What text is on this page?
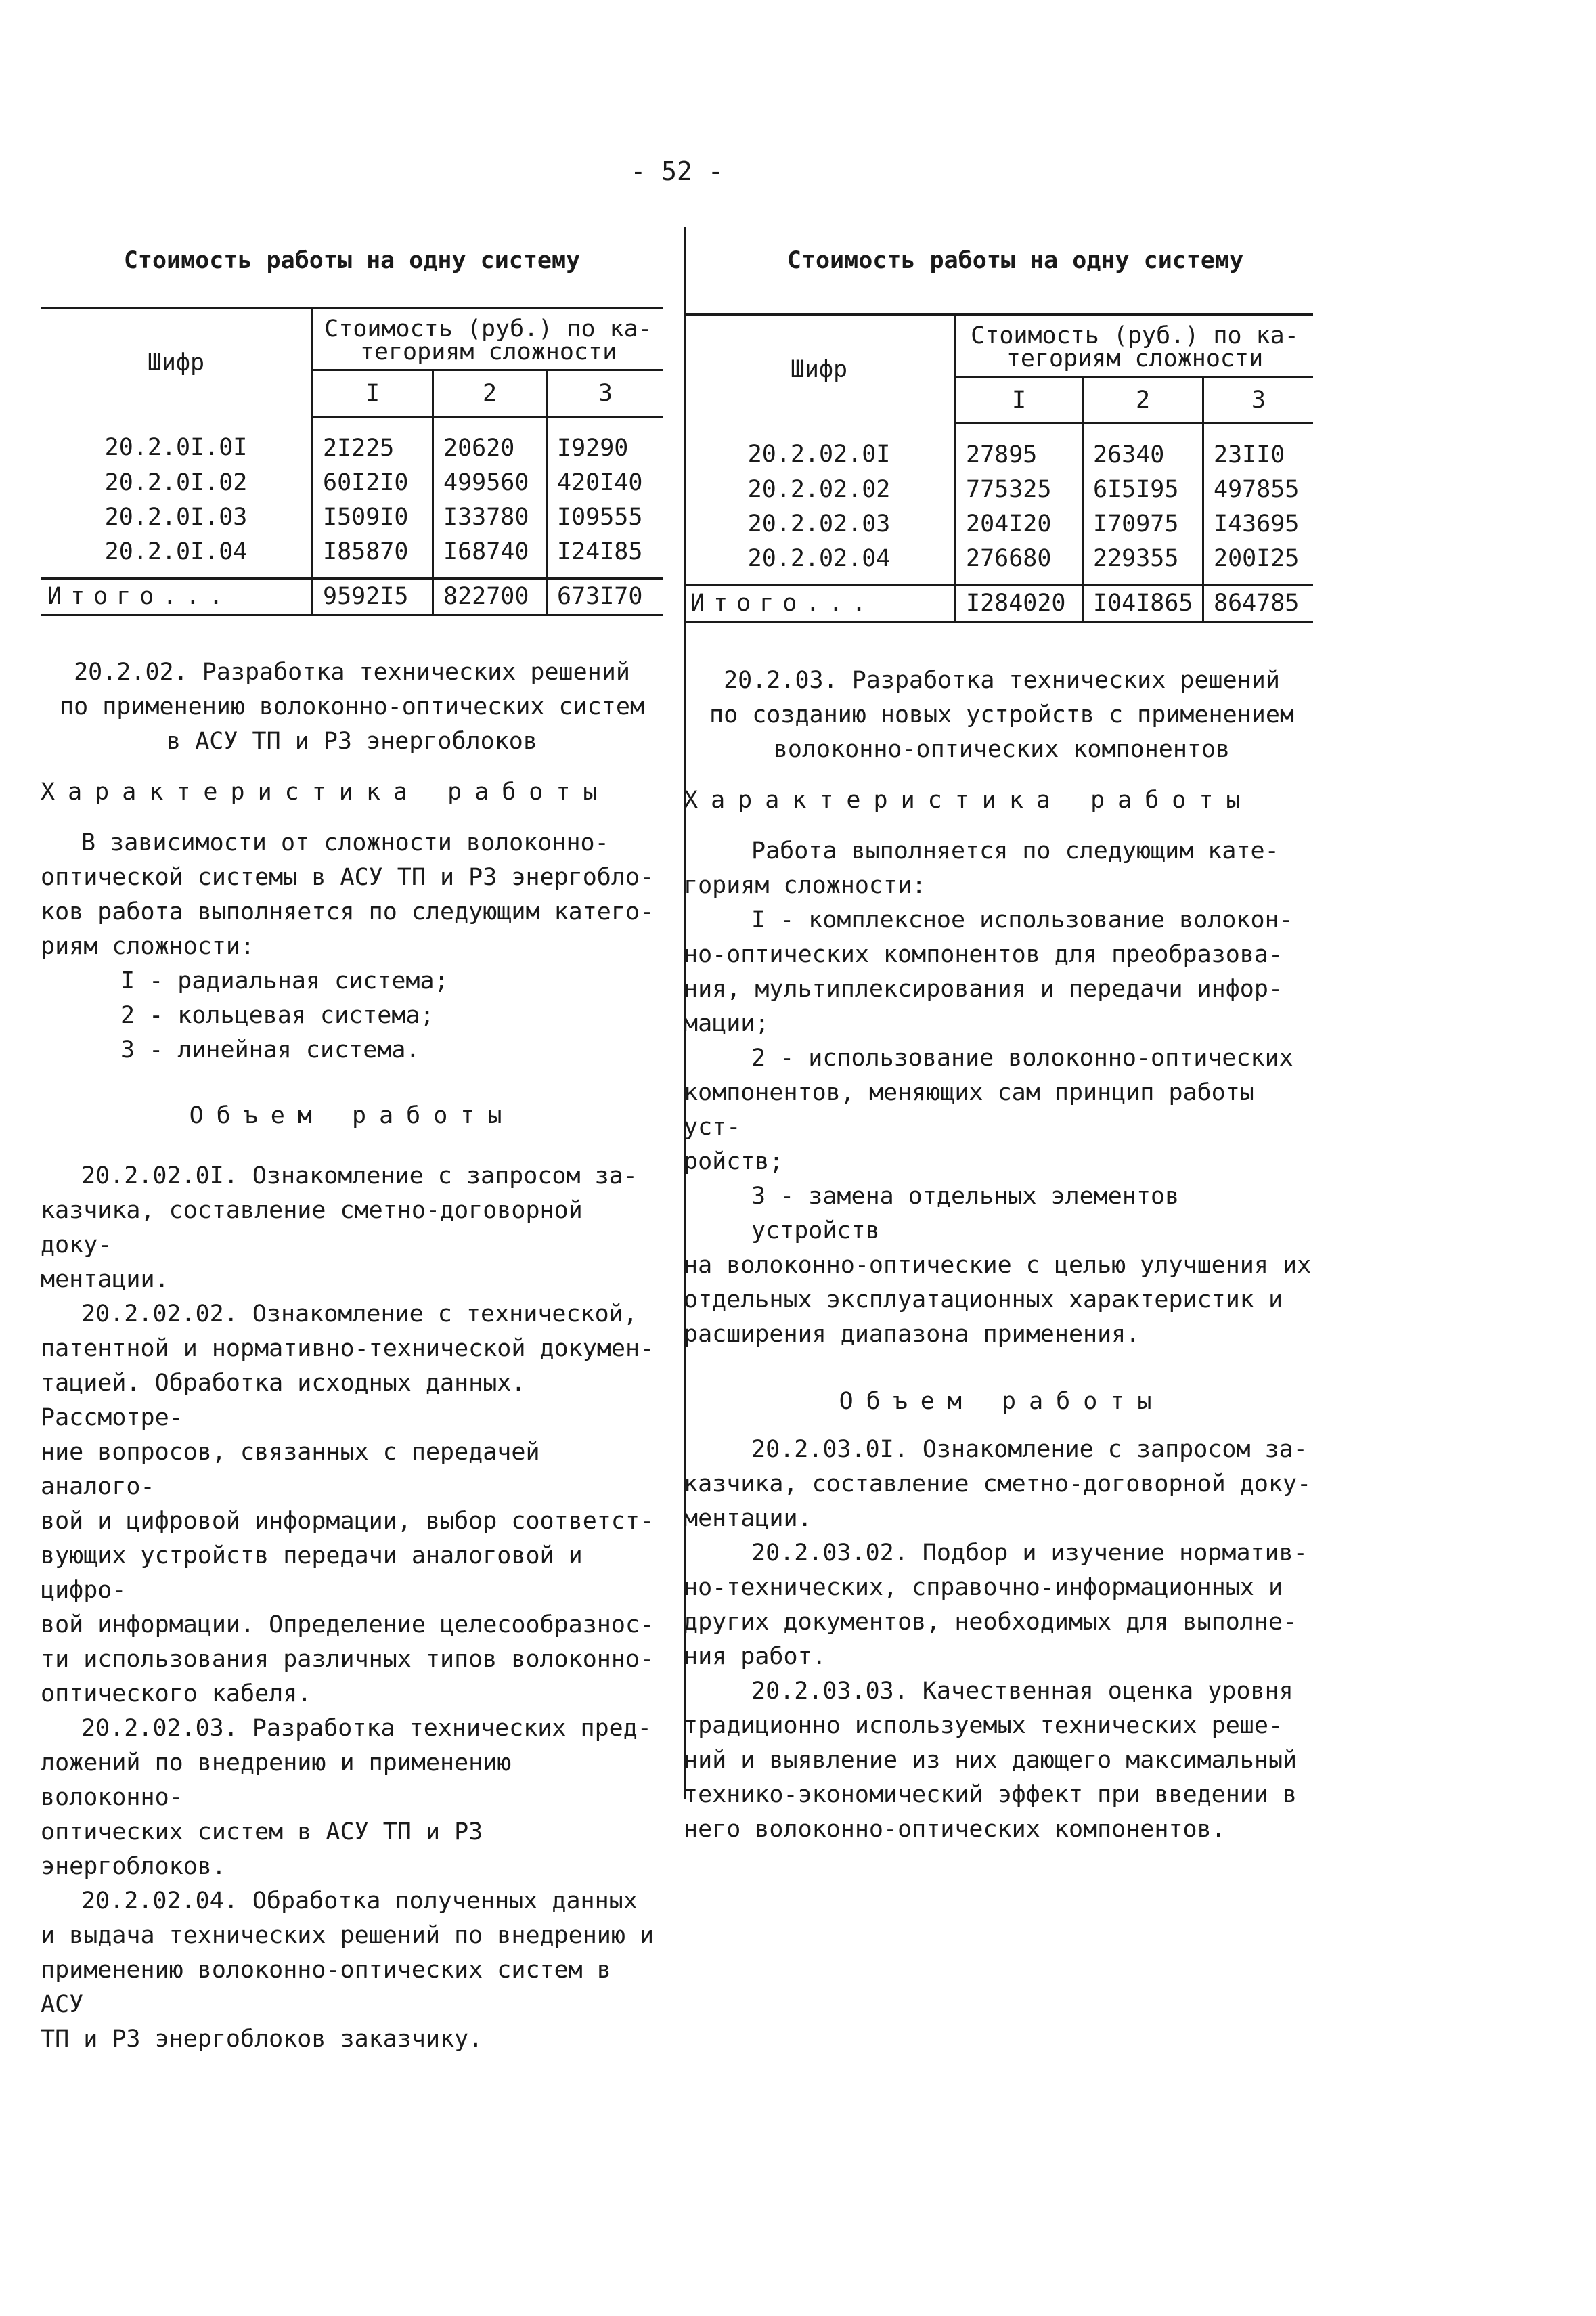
- 52 -
Стоимость работы на одну систему
Шифр	Стоимость (руб.) по ка-
тегориям сложности		

	I	2	3
20.2.0I.0I	2I225	20620	I9290
20.2.0I.02	60I2I0	499560	420I40
20.2.0I.03	I509I0	I33780	I09555
20.2.0I.04	I85870	I68740	I24I85
Итого...	9592I5	822700	673I70
20.2.02. Разработка технических решений
по применению волоконно-оптических систем
в АСУ ТП и РЗ энергоблоков
Характеристика работы
В зависимости от сложности волоконно-
оптической системы в АСУ ТП и РЗ энергобло-
ков работа выполняется по следующим катего-
риям сложности:
I - радиальная система;
2 - кольцевая система;
3 - линейная система.
Объем работы
20.2.02.0I. Ознакомление с запросом за-
казчика, составление сметно-договорной доку-
ментации.
20.2.02.02. Ознакомление с технической,
патентной и нормативно-технической докумен-
тацией. Обработка исходных данных. Рассмотре-
ние вопросов, связанных с передачей аналого-
вой и цифровой информации, выбор соответст-
вующих устройств передачи аналоговой и цифро-
вой информации. Определение целесообразнос-
ти использования различных типов волоконно-
оптического кабеля.
20.2.02.03. Разработка технических пред-
ложений по внедрению и применению волоконно-
оптических систем в АСУ ТП и РЗ энергоблоков.
20.2.02.04. Обработка полученных данных
и выдача технических решений по внедрению и
применению волоконно-оптических систем в АСУ
ТП и РЗ энергоблоков заказчику.
Стоимость работы на одну систему
Шифр	Стоимость (руб.) по ка-
тегориям сложности		

	I	2	3
20.2.02.0I	27895	26340	23II0
20.2.02.02	775325	6I5I95	497855
20.2.02.03	204I20	I70975	I43695
20.2.02.04	276680	229355	200I25
Итого...	I284020	I04I865	864785
20.2.03. Разработка технических решений
по созданию новых устройств с применением
волоконно-оптических компонентов
Характеристика работы
Работа выполняется по следующим кате-
гориям сложности:
I - комплексное использование волокон-
но-оптических компонентов для преобразова-
ния, мультиплексирования и передачи инфор-
мации;
2 - использование волоконно-оптических
компонентов, меняющих сам принцип работы уст-
ройств;
3 - замена отдельных элементов устройств
на волоконно-оптические с целью улучшения их
отдельных эксплуатационных характеристик и
расширения диапазона применения.
Объем работы
20.2.03.0I. Ознакомление с запросом за-
казчика, составление сметно-договорной доку-
ментации.
20.2.03.02. Подбор и изучение норматив-
но-технических, справочно-информационных и
других документов, необходимых для выполне-
ния работ.
20.2.03.03. Качественная оценка уровня
традиционно используемых технических реше-
ний и выявление из них дающего максимальный
технико-экономический эффект при введении в
него волоконно-оптических компонентов.
